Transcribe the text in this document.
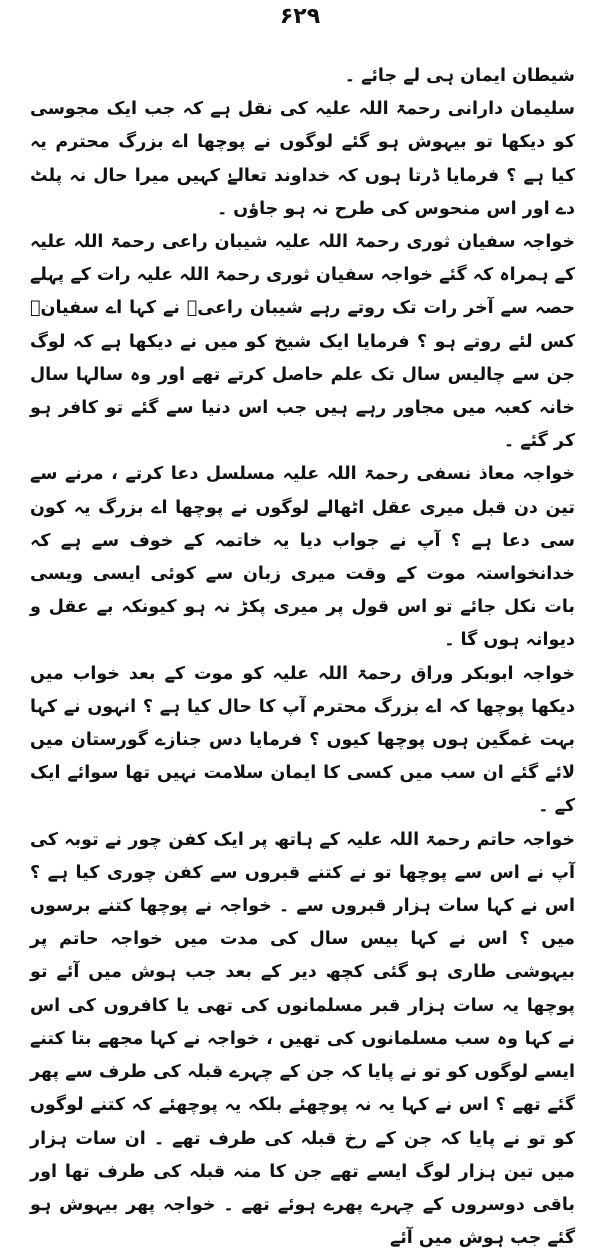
۶۲۹

شیطان ایمان ہی لے جائے ۔

سلیمان دارانی رحمۃ اللہ علیہ کی نقل ہے کہ جب ایک مجوسی کو دیکھا تو بیہوش ہو گئے لوگوں نے پوچھا اے بزرگ محترم یہ کیا ہے ؟ فرمایا ڈرتا ہوں کہ خداوند تعالےٰ کہیں میرا حال نہ پلٹ دے اور اس منحوس کی طرح نہ ہو جاؤں ۔

خواجہ سفیان ثوری رحمۃ اللہ علیہ شیبان راعی رحمۃ اللہ علیہ کے ہمراہ کہ گئے خواجہ سفیان ثوری رحمۃ اللہ علیہ رات کے پہلے حصہ سے آخر رات تک روتے رہے شیبان راعیؒ نے کہا اے سفیانؒ کس لئے روتے ہو ؟ فرمایا ایک شیخ کو میں نے دیکھا ہے کہ لوگ جن سے چالیس سال تک علم حاصل کرتے تھے اور وہ سالہا سال خانہ کعبہ میں مجاور رہے ہیں جب اس دنیا سے گئے تو کافر ہو کر گئے ۔

خواجہ معاذ نسفی رحمۃ اللہ علیہ مسلسل دعا کرتے ، مرنے سے تین دن قبل میری عقل اٹھالے لوگوں نے پوچھا اے بزرگ یہ کون سی دعا ہے ؟ آپ نے جواب دیا یہ خاتمہ کے خوف سے ہے کہ خدانخواستہ موت کے وقت میری زبان سے کوئی ایسی ویسی بات نکل جائے تو اس قول پر میری پکڑ نہ ہو کیونکہ بے عقل و دیوانہ ہوں گا ۔

خواجہ ابوبکر وراق رحمۃ اللہ علیہ کو موت کے بعد خواب میں دیکھا پوچھا کہ اے بزرگ محترم آپ کا حال کیا ہے ؟ انہوں نے کہا بہت غمگین ہوں پوچھا کیوں ؟ فرمایا دس جنازے گورستان میں لائے گئے ان سب میں کسی کا ایمان سلامت نہیں تھا سوائے ایک کے ۔

خواجہ حاتم رحمۃ اللہ علیہ کے ہاتھ پر ایک کفن چور نے توبہ کی آپ نے اس سے پوچھا تو نے کتنے قبروں سے کفن چوری کیا ہے ؟ اس نے کہا سات ہزار قبروں سے ۔ خواجہ نے پوچھا کتنے برسوں میں ؟ اس نے کہا بیس سال کی مدت میں خواجہ حاتم پر بیہوشی طاری ہو گئی کچھ دیر کے بعد جب ہوش میں آئے تو پوچھا یہ سات ہزار قبر مسلمانوں کی تھی یا کافروں کی اس نے کہا وہ سب مسلمانوں کی تھیں ، خواجہ نے کہا مجھے بتا کتنے ایسے لوگوں کو تو نے پایا کہ جن کے چہرے قبلہ کی طرف سے پھر گئے تھے ؟ اس نے کہا یہ نہ پوچھئے بلکہ یہ پوچھئے کہ کتنے لوگوں کو تو نے پایا کہ جن کے رخ قبلہ کی طرف تھے ۔ ان سات ہزار میں تین ہزار لوگ ایسے تھے جن کا منہ قبلہ کی طرف تھا اور باقی دوسروں کے چہرے پھرے ہوئے تھے ۔ خواجہ پھر بیہوش ہو گئے جب ہوش میں آئے
